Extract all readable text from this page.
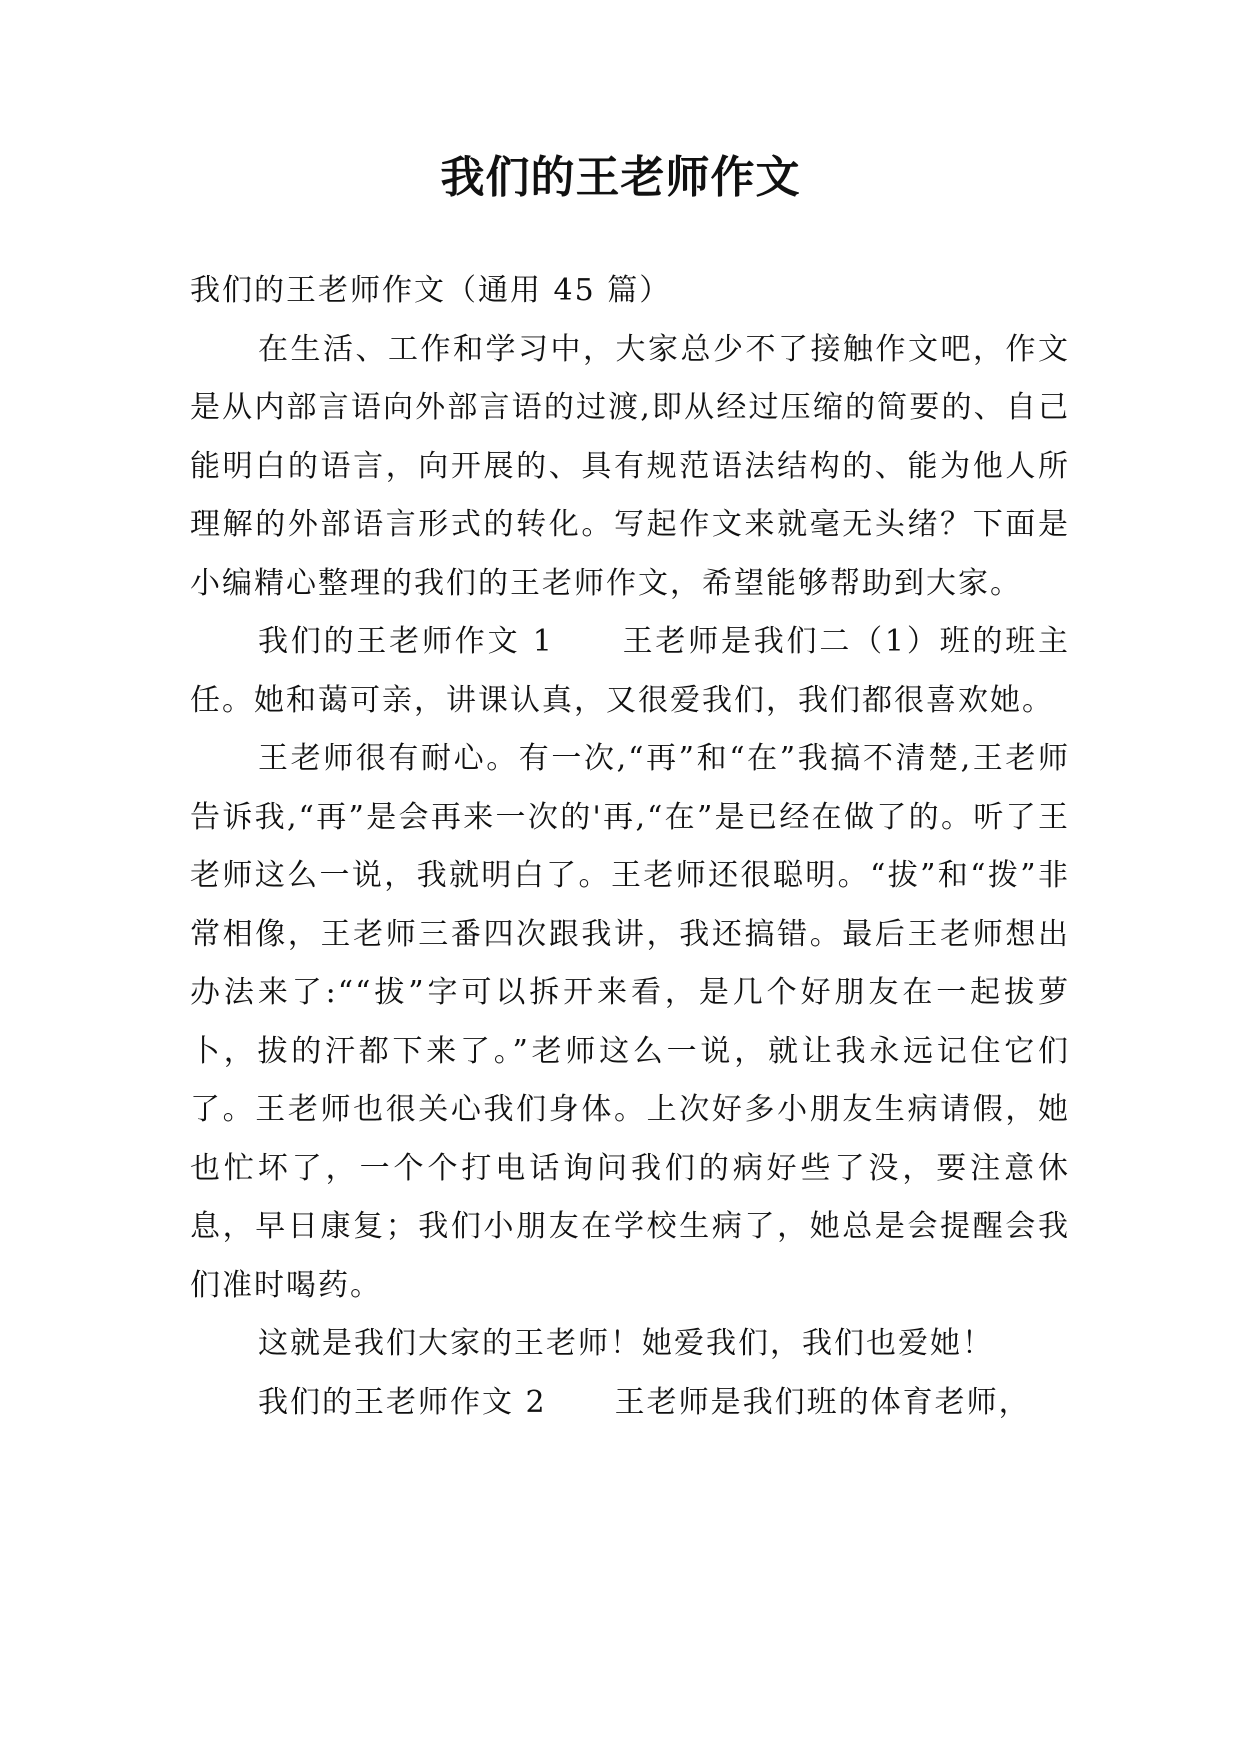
我们的王老师作文

我们的王老师作文（通用 45 篇）

在生活、工作和学习中，大家总少不了接触作文吧，作文是从内部言语向外部言语的过渡,即从经过压缩的简要的、自己能明白的语言，向开展的、具有规范语法结构的、能为他人所理解的外部语言形式的转化。写起作文来就毫无头绪？下面是小编精心整理的我们的王老师作文，希望能够帮助到大家。

我们的王老师作文 1 王老师是我们二（1）班的班主任。她和蔼可亲，讲课认真，又很爱我们，我们都很喜欢她。

王老师很有耐心。有一次,“再”和“在”我搞不清楚,王老师告诉我,“再”是会再来一次的'再,“在”是已经在做了的。听了王老师这么一说，我就明白了。王老师还很聪明。“拔”和“拨”非常相像，王老师三番四次跟我讲，我还搞错。最后王老师想出办法来了:““拔”字可以拆开来看，是几个好朋友在一起拔萝卜，拔的汗都下来了。”老师这么一说，就让我永远记住它们了。王老师也很关心我们身体。上次好多小朋友生病请假，她也忙坏了，一个个打电话询问我们的病好些了没，要注意休息，早日康复；我们小朋友在学校生病了，她总是会提醒会我们准时喝药。

这就是我们大家的王老师！她爱我们，我们也爱她！

我们的王老师作文 2 王老师是我们班的体育老师，
